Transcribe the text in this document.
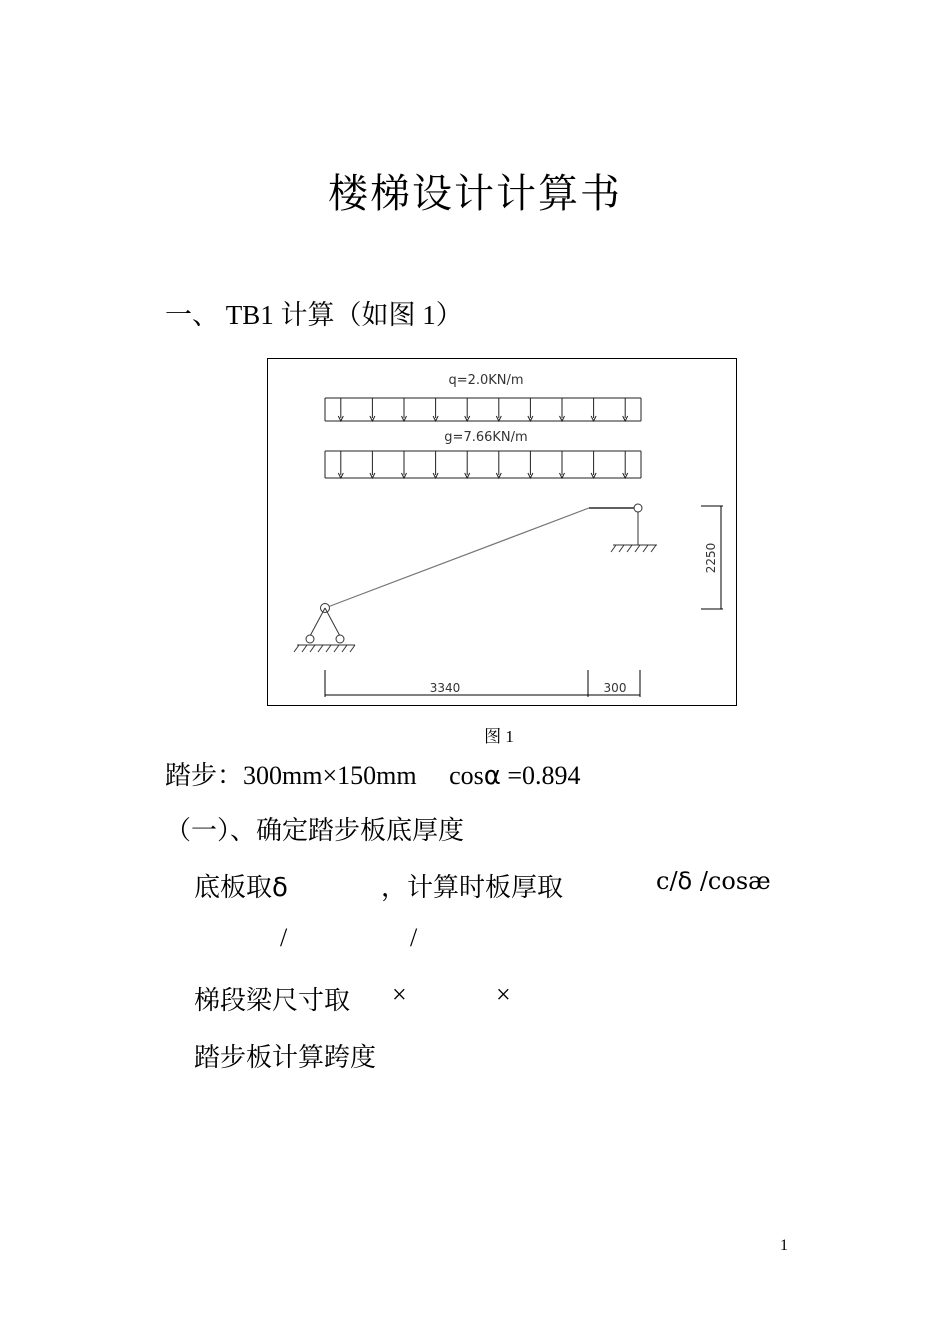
楼梯设计计算书
一、 TB1 计算（如图 1）
q=2.0KN/m
g=7.66KN/m
2250
3340	300
图 1
踏步：300mm×150mm cosα =0.894
（一）、确定踏步板底厚度
底板取δ	，计算时板厚取	c/δ /cosæ
/	/
梯段梁尺寸取 ×	×
踏步板计算跨度
1
